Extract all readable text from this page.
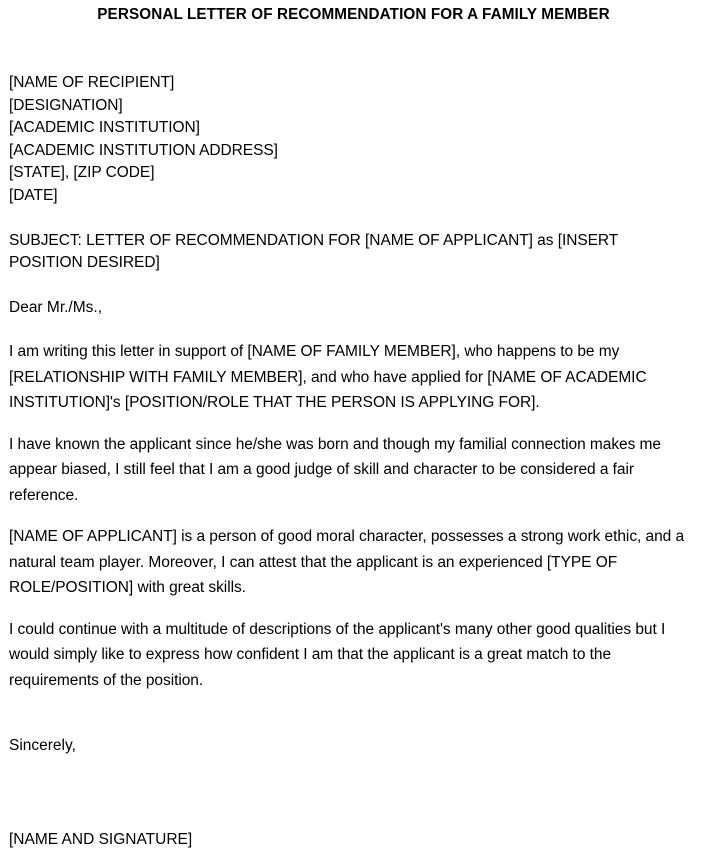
PERSONAL LETTER OF RECOMMENDATION FOR A FAMILY MEMBER
[NAME OF RECIPIENT]
[DESIGNATION]
[ACADEMIC INSTITUTION]
[ACADEMIC INSTITUTION ADDRESS]
[STATE], [ZIP CODE]
[DATE]

SUBJECT: LETTER OF RECOMMENDATION FOR [NAME OF APPLICANT] as [INSERT POSITION DESIRED]

Dear Mr./Ms.,

I am writing this letter in support of [NAME OF FAMILY MEMBER], who happens to be my [RELATIONSHIP WITH FAMILY MEMBER], and who have applied for [NAME OF ACADEMIC INSTITUTION]'s [POSITION/ROLE THAT THE PERSON IS APPLYING FOR].

I have known the applicant since he/she was born and though my familial connection makes me appear biased, I still feel that I am a good judge of skill and character to be considered a fair reference.

[NAME OF APPLICANT] is a person of good moral character, possesses a strong work ethic, and a natural team player. Moreover, I can attest that the applicant is an experienced [TYPE OF ROLE/POSITION] with great skills.

I could continue with a multitude of descriptions of the applicant's many other good qualities but I would simply like to express how confident I am that the applicant is a great match to the requirements of the position.

Sincerely,

[NAME AND SIGNATURE]
